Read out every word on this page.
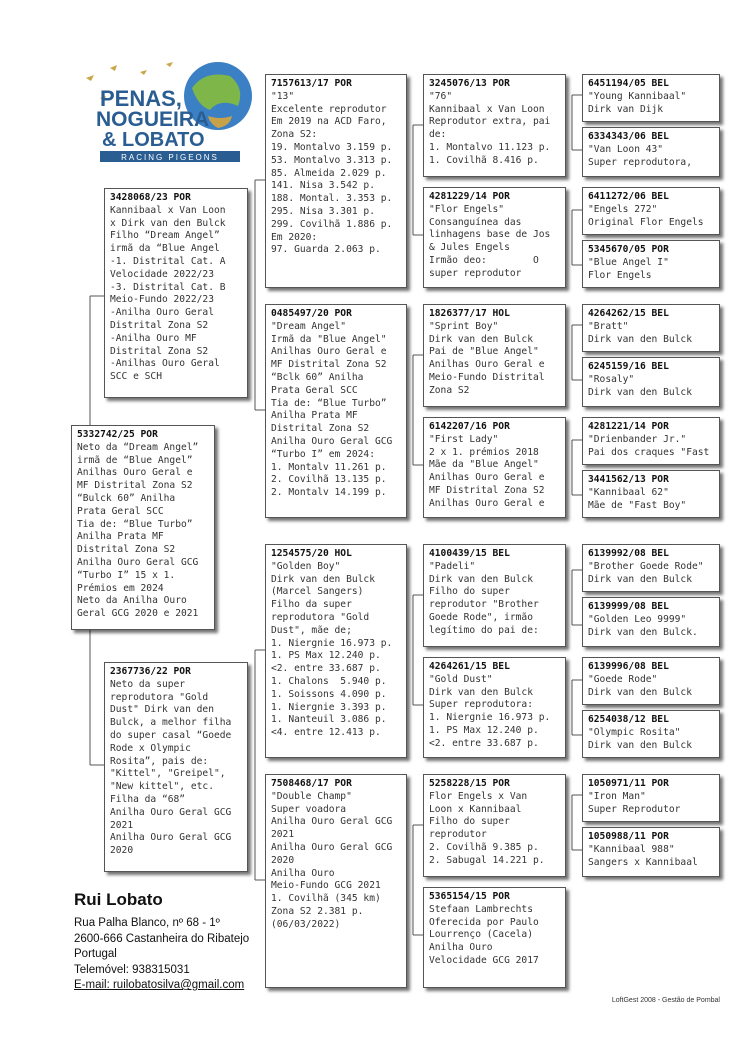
PENAS,
NOGUEIRA
& LOBATO
RACING PIGEONS
5332742/25 POR
Neto da “Dream Angel”
irmã de “Blue Angel”
Anilhas Ouro Geral e
MF Distrital Zona S2
“Bulck 60” Anilha
Prata Geral SCC
Tia de: “Blue Turbo”
Anilha Prata MF
Distrital Zona S2
Anilha Ouro Geral GCG
“Turbo I” 15 x 1.
Prémios em 2024
Neto da Anilha Ouro
Geral GCG 2020 e 2021
3428068/23 POR
Kannibaal x Van Loon
x Dirk van den Bulck
Filho “Dream Angel”
irmã da “Blue Angel
-1. Distrital Cat. A
Velocidade 2022/23
-3. Distrital Cat. B
Meio-Fundo 2022/23
-Anilha Ouro Geral
Distrital Zona S2
-Anilha Ouro MF
Distrital Zona S2
-Anilhas Ouro Geral
SCC e SCH
2367736/22 POR
Neto da super
reprodutora "Gold
Dust" Dirk van den
Bulck, a melhor filha
do super casal “Goede
Rode x Olympic
Rosita”, pais de:
"Kittel", "Greipel",
"New kittel", etc.
Filha da “68”
Anilha Ouro Geral GCG
2021
Anilha Ouro Geral GCG
2020
7157613/17 POR
"13"
Excelente reprodutor
Em 2019 na ACD Faro,
Zona S2:
19. Montalvo 3.159 p.
53. Montalvo 3.313 p.
85. Almeida 2.029 p.
141. Nisa 3.542 p.
188. Montal. 3.353 p.
295. Nisa 3.301 p.
299. Covilhã 1.886 p.
Em 2020:
97. Guarda 2.063 p.
0485497/20 POR
"Dream Angel"
Irmã da "Blue Angel"
Anilhas Ouro Geral e
MF Distrital Zona S2
“Bclk 60” Anilha
Prata Geral SCC
Tia de: “Blue Turbo”
Anilha Prata MF
Distrital Zona S2
Anilha Ouro Geral GCG
“Turbo I” em 2024:
1. Montalv 11.261 p.
2. Covilhã 13.135 p.
2. Montalv 14.199 p.
1254575/20 HOL
"Golden Boy"
Dirk van den Bulck
(Marcel Sangers)
Filho da super
reprodutora "Gold
Dust", mãe de;
1. Niergnie 16.973 p.
1. PS Max 12.240 p.
<2. entre 33.687 p.
1. Chalons  5.940 p.
1. Soissons 4.090 p.
1. Niergnie 3.393 p.
1. Nanteuil 3.086 p.
<4. entre 12.413 p.
7508468/17 POR
"Double Champ"
Super voadora
Anilha Ouro Geral GCG
2021
Anilha Ouro Geral GCG
2020
Anilha Ouro
Meio-Fundo GCG 2021
1. Covilhã (345 km)
Zona S2 2.381 p.
(06/03/2022)
3245076/13 POR
"76"
Kannibaal x Van Loon
Reprodutor extra, pai
de:
1. Montalvo 11.123 p.
1. Covilhã 8.416 p.
4281229/14 POR
"Flor Engels"
Consanguínea das
linhagens base de Jos
& Jules Engels
Irmão deo:        O
super reprodutor
1826377/17 HOL
"Sprint Boy"
Dirk van den Bulck
Pai de "Blue Angel"
Anilhas Ouro Geral e
Meio-Fundo Distrital
Zona S2
6142207/16 POR
"First Lady"
2 x 1. prémios 2018
Mãe da "Blue Angel"
Anilhas Ouro Geral e
MF Distrital Zona S2
Anilhas Ouro Geral e
4100439/15 BEL
"Padeli"
Dirk van den Bulck
Filho do super
reprodutor "Brother
Goede Rode", irmão
legítimo do pai de:
4264261/15 BEL
"Gold Dust"
Dirk van den Bulck
Super reprodutora:
1. Niergnie 16.973 p.
1. PS Max 12.240 p.
<2. entre 33.687 p.
5258228/15 POR
Flor Engels x Van
Loon x Kannibaal
Filho do super
reprodutor
2. Covilhã 9.385 p.
2. Sabugal 14.221 p.
5365154/15 POR
Stefaan Lambrechts
Oferecida por Paulo
Lourrenço (Cacela)
Anilha Ouro
Velocidade GCG 2017
6451194/05 BEL
"Young Kannibaal"
Dirk van Dijk
6334343/06 BEL
"Van Loon 43"
Super reprodutora,
6411272/06 BEL
"Engels 272"
Original Flor Engels
5345670/05 POR
"Blue Angel I"
Flor Engels
4264262/15 BEL
"Bratt"
Dirk van den Bulck
6245159/16 BEL
"Rosaly"
Dirk van den Bulck
4281221/14 POR
"Drienbander Jr."
Pai dos craques "Fast
3441562/13 POR
"Kannibaal 62"
Mãe de "Fast Boy"
6139992/08 BEL
"Brother Goede Rode"
Dirk van den Bulck
6139999/08 BEL
"Golden Leo 9999"
Dirk van den Bulck.
6139996/08 BEL
"Goede Rode"
Dirk van den Bulck
6254038/12 BEL
"Olympic Rosita"
Dirk van den Bulck
1050971/11 POR
"Iron Man"
Super Reprodutor
1050988/11 POR
"Kannibaal 988"
Sangers x Kannibaal
Rui Lobato
Rua Palha Blanco, nº 68 - 1º
2600-666 Castanheira do Ribatejo
Portugal
Telemóvel: 938315031
E-mail: ruilobatosilva@gmail.com
LoftGest 2008 - Gestão de Pombal
